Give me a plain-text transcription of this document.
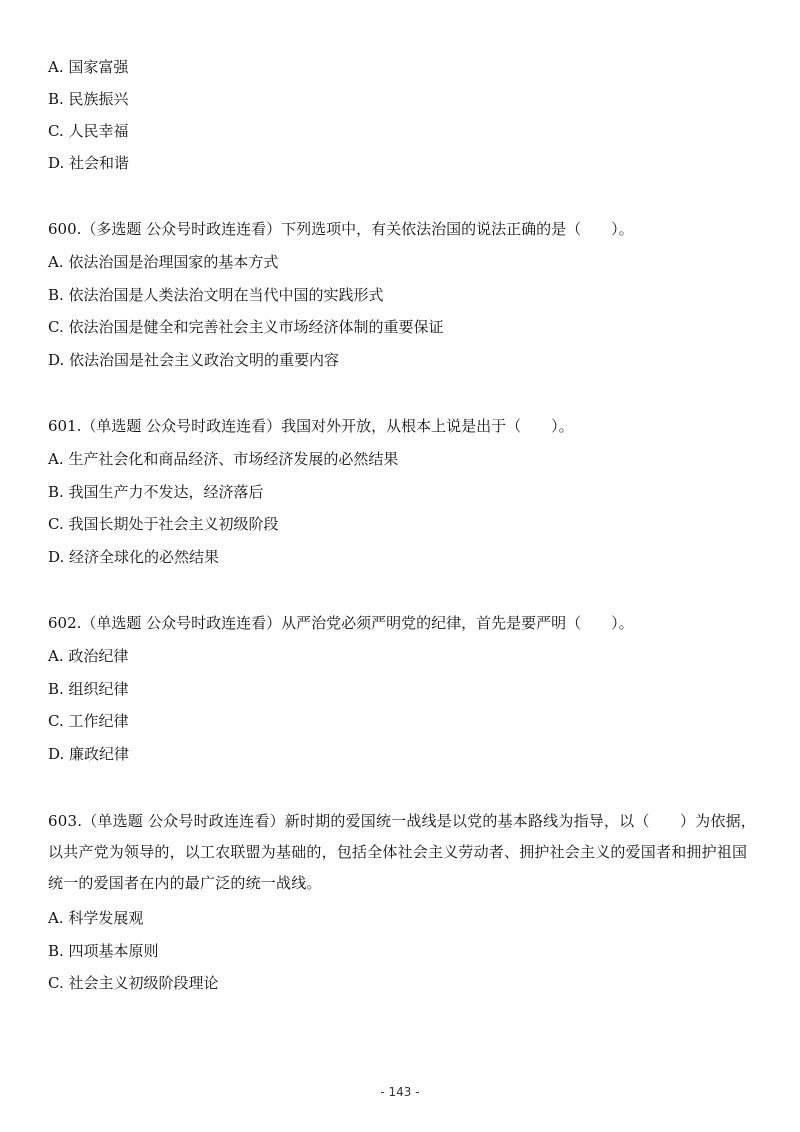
A. 国家富强
B. 民族振兴
C. 人民幸福
D. 社会和谐
600.（多选题 公众号时政连连看）下列选项中，有关依法治国的说法正确的是（　　）。
A. 依法治国是治理国家的基本方式
B. 依法治国是人类法治文明在当代中国的实践形式
C. 依法治国是健全和完善社会主义市场经济体制的重要保证
D. 依法治国是社会主义政治文明的重要内容
601.（单选题 公众号时政连连看）我国对外开放，从根本上说是出于（　　）。
A. 生产社会化和商品经济、市场经济发展的必然结果
B. 我国生产力不发达，经济落后
C. 我国长期处于社会主义初级阶段
D. 经济全球化的必然结果
602.（单选题 公众号时政连连看）从严治党必须严明党的纪律，首先是要严明（　　）。
A. 政治纪律
B. 组织纪律
C. 工作纪律
D. 廉政纪律
603.（单选题 公众号时政连连看）新时期的爱国统一战线是以党的基本路线为指导，以（　　）为依据，以共产党为领导的，以工农联盟为基础的，包括全体社会主义劳动者、拥护社会主义的爱国者和拥护祖国统一的爱国者在内的最广泛的统一战线。
A. 科学发展观
B. 四项基本原则
C. 社会主义初级阶段理论
- 143 -
